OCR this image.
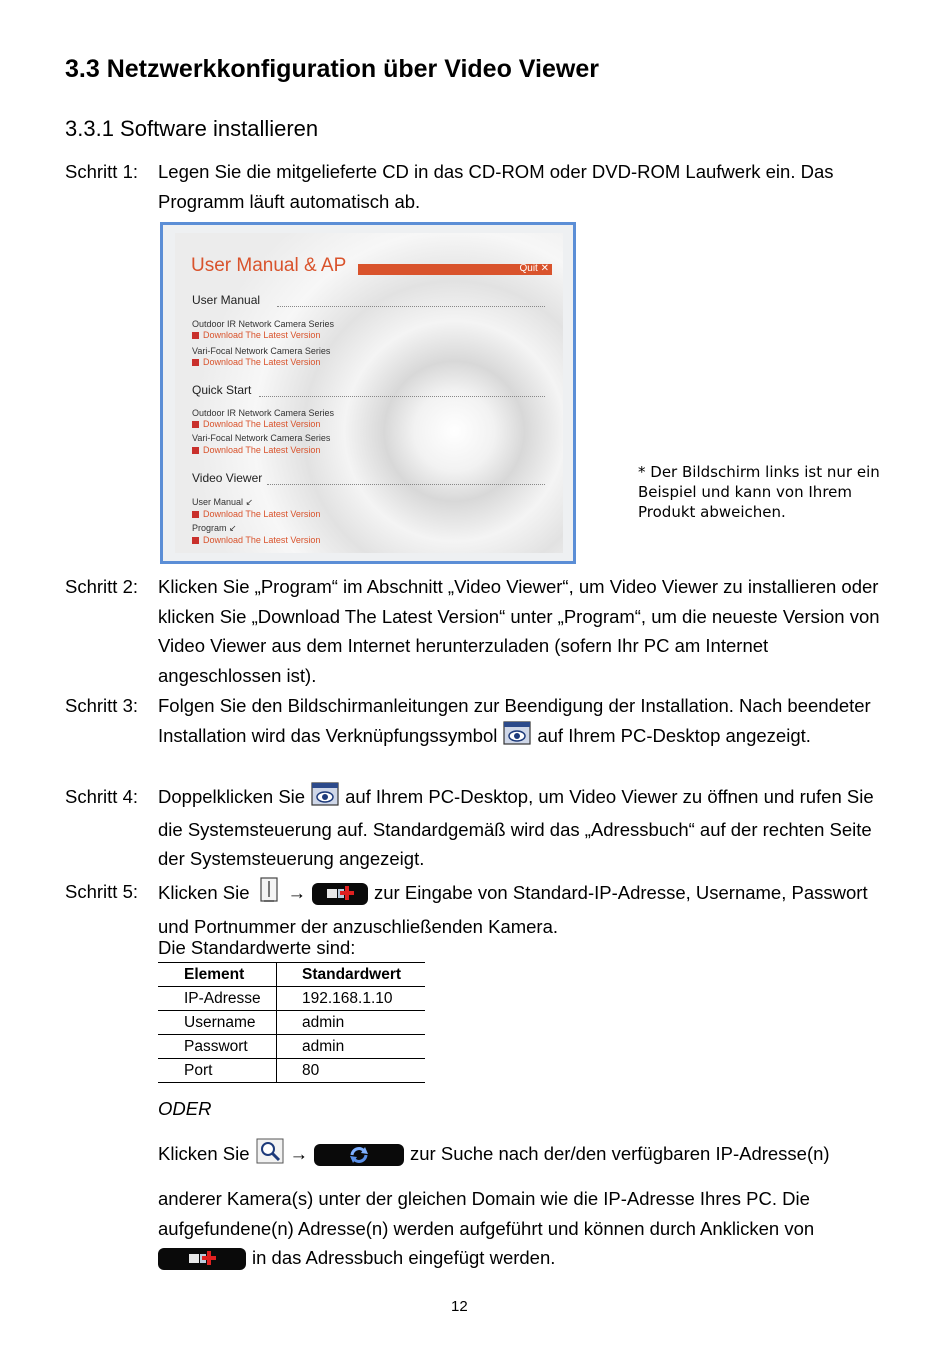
3.3 Netzwerkkonfiguration über Video Viewer
3.3.1 Software installieren
Schritt 1: Legen Sie die mitgelieferte CD in das CD-ROM oder DVD-ROM Laufwerk ein. Das Programm läuft automatisch ab.
User Manual & AP	Quit ✕
User Manual
Outdoor IR Network Camera Series
Download The Latest Version
Vari-Focal Network Camera Series
Download The Latest Version
Quick Start
Outdoor IR Network Camera Series
Download The Latest Version
Vari-Focal Network Camera Series
Download The Latest Version
Video Viewer
User Manual ↙
Download The Latest Version
Program ↙
Download The Latest Version
* Der Bildschirm links ist nur ein Beispiel und kann von Ihrem Produkt abweichen.
Schritt 2: Klicken Sie „Program“ im Abschnitt „Video Viewer“, um Video Viewer zu installieren oder klicken Sie „Download The Latest Version“ unter „Program“, um die neueste Version von Video Viewer aus dem Internet herunterzuladen (sofern Ihr PC am Internet angeschlossen ist).
Schritt 3: Folgen Sie den Bildschirmanleitungen zur Beendigung der Installation. Nach beendeter Installation wird das Verknüpfungssymbol auf Ihrem PC-Desktop angezeigt.
Schritt 4: Doppelklicken Sie auf Ihrem PC-Desktop, um Video Viewer zu öffnen und rufen Sie die Systemsteuerung auf. Standardgemäß wird das „Adressbuch“ auf der rechten Seite der Systemsteuerung angezeigt.
Schritt 5: Klicken Sie →	zur Eingabe von Standard-IP-Adresse, Username, Passwort und Portnummer der anzuschließenden Kamera.
Die Standardwerte sind:
Element	Standardwert
IP-Adresse	192.168.1.10
Username	admin
Passwort	admin
Port	80
ODER
Klicken Sie →	zur Suche nach der/den verfügbaren IP-Adresse(n)
anderer Kamera(s) unter der gleichen Domain wie die IP-Adresse Ihres PC. Die aufgefundene(n) Adresse(n) werden aufgeführt und können durch Anklicken von
in das Adressbuch eingefügt werden.
12
